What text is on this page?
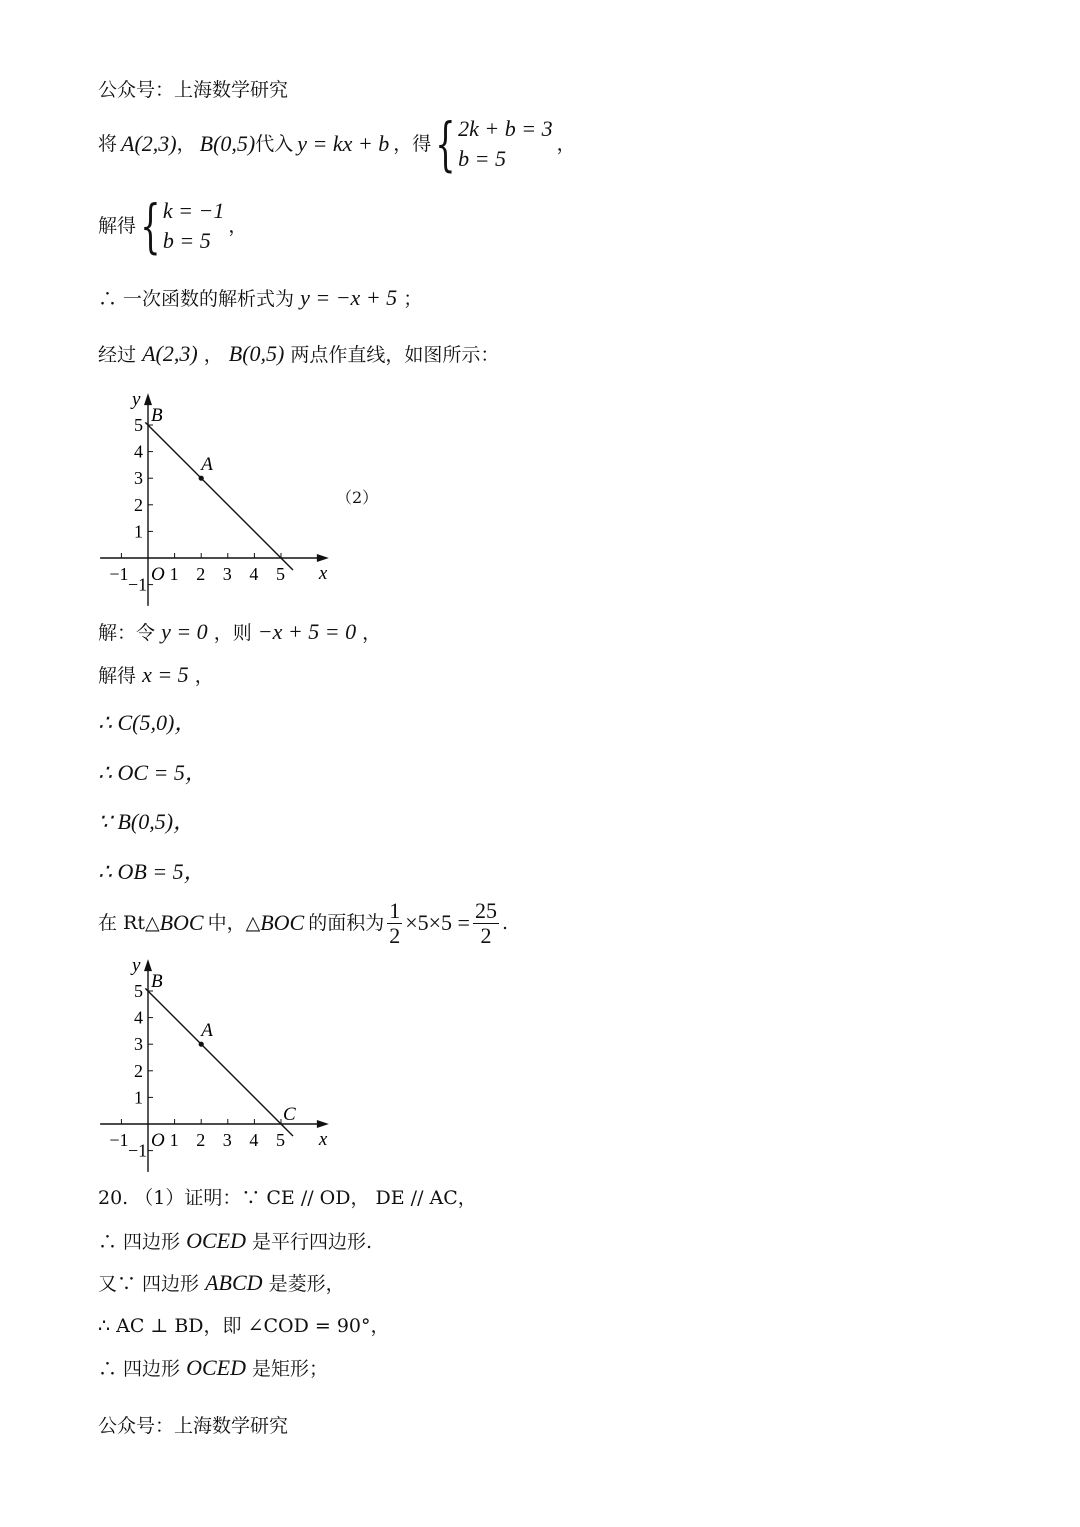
公众号：上海数学研究
将 A(2,3) ， B(0,5) 代入 y = kx + b ，得 { 2k + b = 3
b = 5
，
解得 { k = −1
b = 5
，
∴ 一次函数的解析式为 y = −x + 5 ；
经过 A(2,3) ， B(0,5) 两点作直线，如图所示：
−1 1 2 3 4 5
5
4
3
2
1
−1
y
x
O
A
B
（2）
解：令 y = 0 ，则 −x + 5 = 0 ，
解得 x = 5 ，
∴ C(5,0)，
∴ OC = 5，
∵ B(0,5)，
∴ OB = 5，
在 Rt△ BOC 中，△ BOC 的面积为 $\frac{1}{2} \times 5\times 5 = \frac{25}{2}$ .
−1 1 2 3 4 5
5
4
3
2
1
−1
y
x
O
A
B
C
20. （1）证明：∵ CE // OD， DE // AC，
∴ 四边形 OCED 是平行四边形.
又∵ 四边形 ABCD 是菱形，
∴ AC ⊥ BD，即 ∠COD = 90°，
∴ 四边形 OCED 是矩形；
公众号：上海数学研究
